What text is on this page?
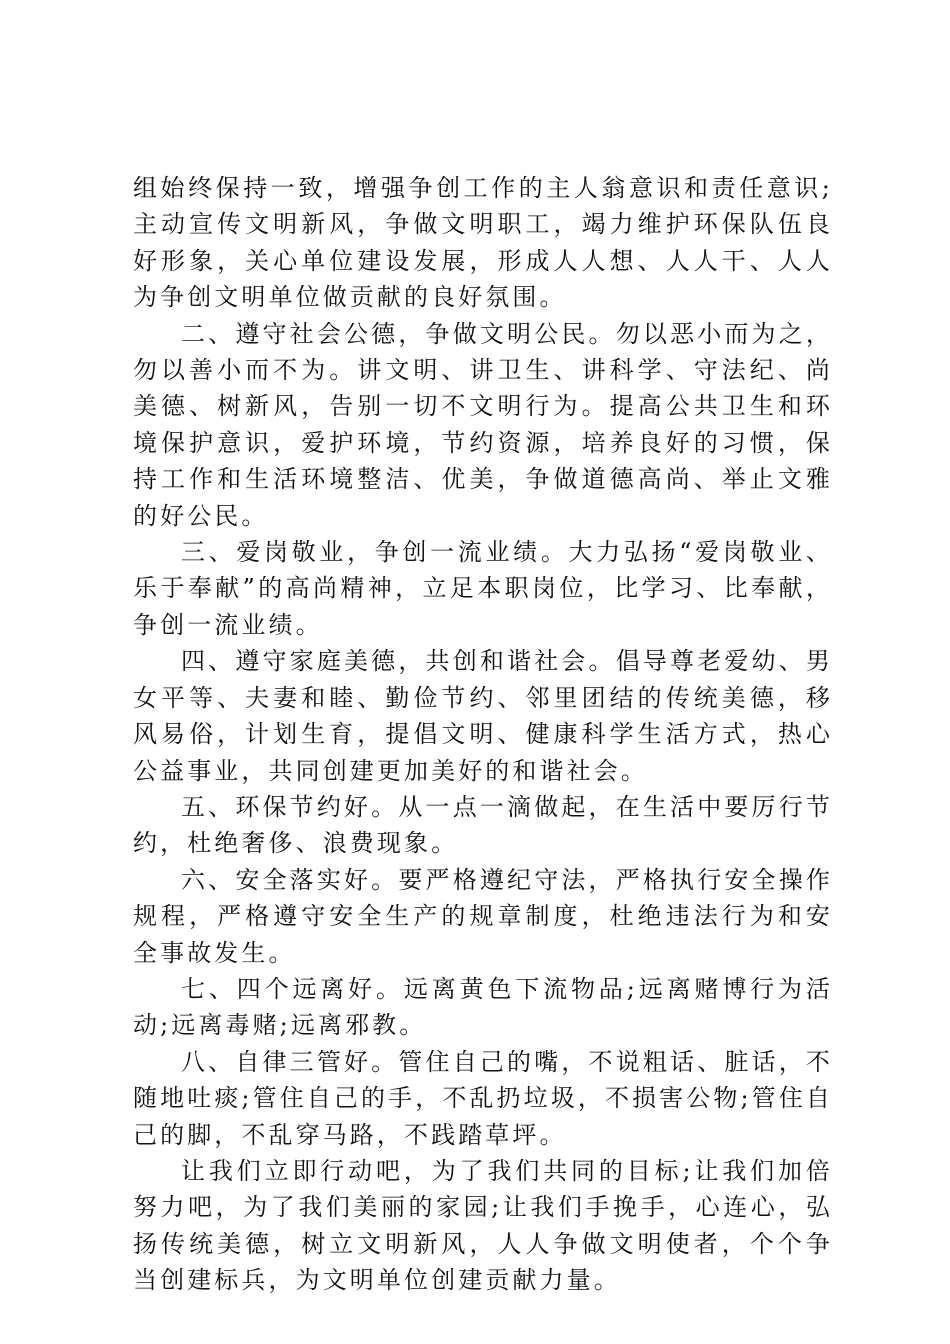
组始终保持一致，增强争创工作的主人翁意识和责任意识;主动宣传文明新风，争做文明职工，竭力维护环保队伍良好形象，关心单位建设发展，形成人人想、人人干、人人为争创文明单位做贡献的良好氛围。

二、遵守社会公德，争做文明公民。勿以恶小而为之，勿以善小而不为。讲文明、讲卫生、讲科学、守法纪、尚美德、树新风，告别一切不文明行为。提高公共卫生和环境保护意识，爱护环境，节约资源，培养良好的习惯，保持工作和生活环境整洁、优美，争做道德高尚、举止文雅的好公民。

三、爱岗敬业，争创一流业绩。大力弘扬“爱岗敬业、乐于奉献”的高尚精神，立足本职岗位，比学习、比奉献，争创一流业绩。

四、遵守家庭美德，共创和谐社会。倡导尊老爱幼、男女平等、夫妻和睦、勤俭节约、邻里团结的传统美德，移风易俗，计划生育，提倡文明、健康科学生活方式，热心公益事业，共同创建更加美好的和谐社会。

五、环保节约好。从一点一滴做起，在生活中要厉行节约，杜绝奢侈、浪费现象。

六、安全落实好。要严格遵纪守法，严格执行安全操作规程，严格遵守安全生产的规章制度，杜绝违法行为和安全事故发生。

七、四个远离好。远离黄色下流物品;远离赌博行为活动;远离毒赌;远离邪教。

八、自律三管好。管住自己的嘴，不说粗话、脏话，不随地吐痰;管住自己的手，不乱扔垃圾，不损害公物;管住自己的脚，不乱穿马路，不践踏草坪。

让我们立即行动吧，为了我们共同的目标;让我们加倍努力吧，为了我们美丽的家园;让我们手挽手，心连心，弘扬传统美德，树立文明新风，人人争做文明使者，个个争当创建标兵，为文明单位创建贡献力量。
